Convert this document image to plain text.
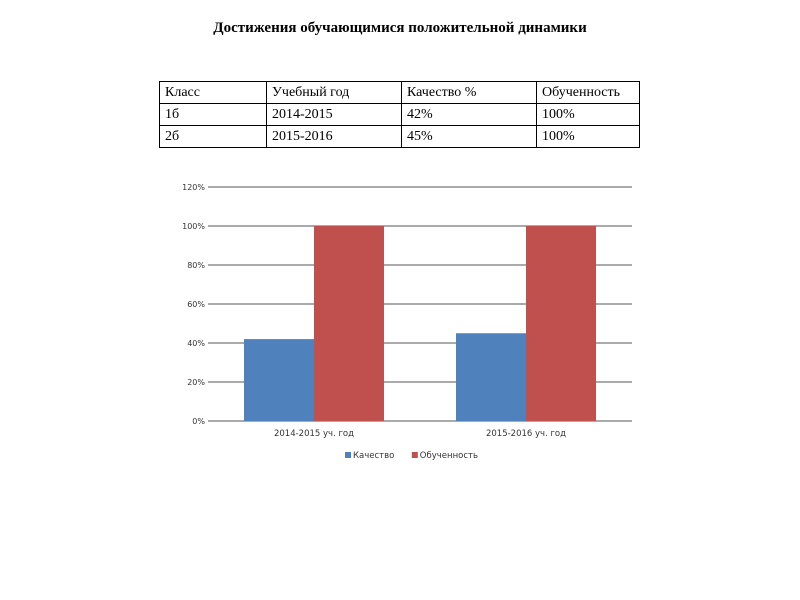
Достижения обучающимися положительной динамики
Класс	Учебный год	Качество %	Обученность
1б	2014-2015	42%	100%
2б	2015-2016	45%	100%
0%
20%
40%
60%
80%
100%
120%
2014-2015 уч. год	2015-2016 уч. год
Качество	Обученность
